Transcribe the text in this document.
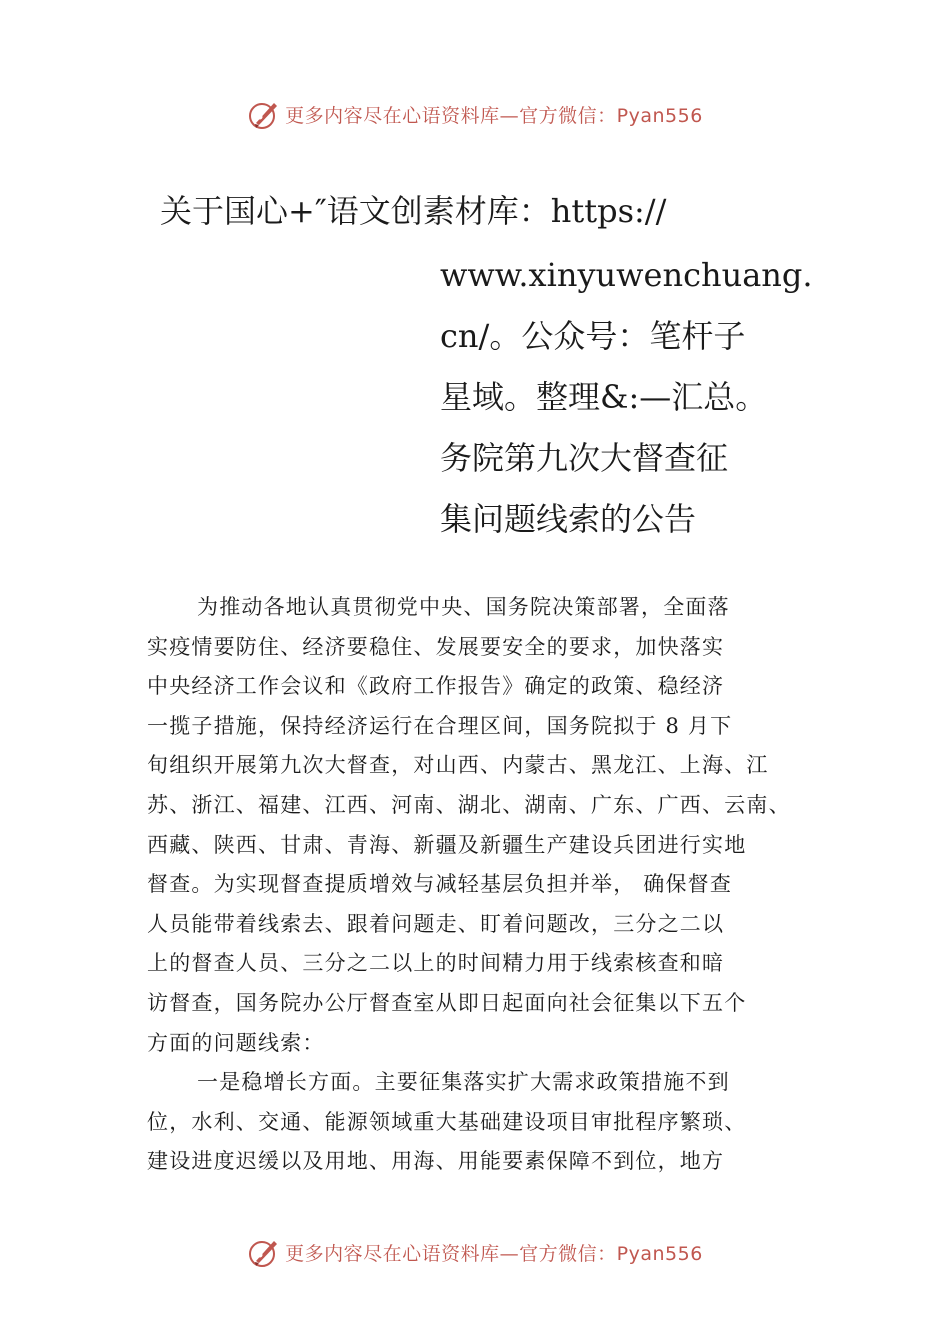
更多内容尽在心语资料库—官方微信：Pyan556
关于国心+″语文创素材库：https://
www.xinyuwenchuang.
cn/。公众号：笔杆子
星域。整理&:—汇总。
务院第九次大督查征
集问题线索的公告
为推动各地认真贯彻党中央、国务院决策部署，全面落
实疫情要防住、经济要稳住、发展要安全的要求，加快落实
中央经济工作会议和《政府工作报告》确定的政策、稳经济
一揽子措施，保持经济运行在合理区间，国务院拟于 8 月下
旬组织开展第九次大督查，对山西、内蒙古、黑龙江、上海、江
苏、浙江、福建、江西、河南、湖北、湖南、广东、广西、云南、
西藏、陕西、甘肃、青海、新疆及新疆生产建设兵团进行实地
督查。为实现督查提质增效与减轻基层负担并举， 确保督查
人员能带着线索去、跟着问题走、盯着问题改，三分之二以
上的督查人员、三分之二以上的时间精力用于线索核查和暗
访督查，国务院办公厅督查室从即日起面向社会征集以下五个
方面的问题线索：
一是稳增长方面。主要征集落实扩大需求政策措施不到
位，水利、交通、能源领域重大基础建设项目审批程序繁琐、
建设进度迟缓以及用地、用海、用能要素保障不到位，地方
更多内容尽在心语资料库—官方微信：Pyan556
